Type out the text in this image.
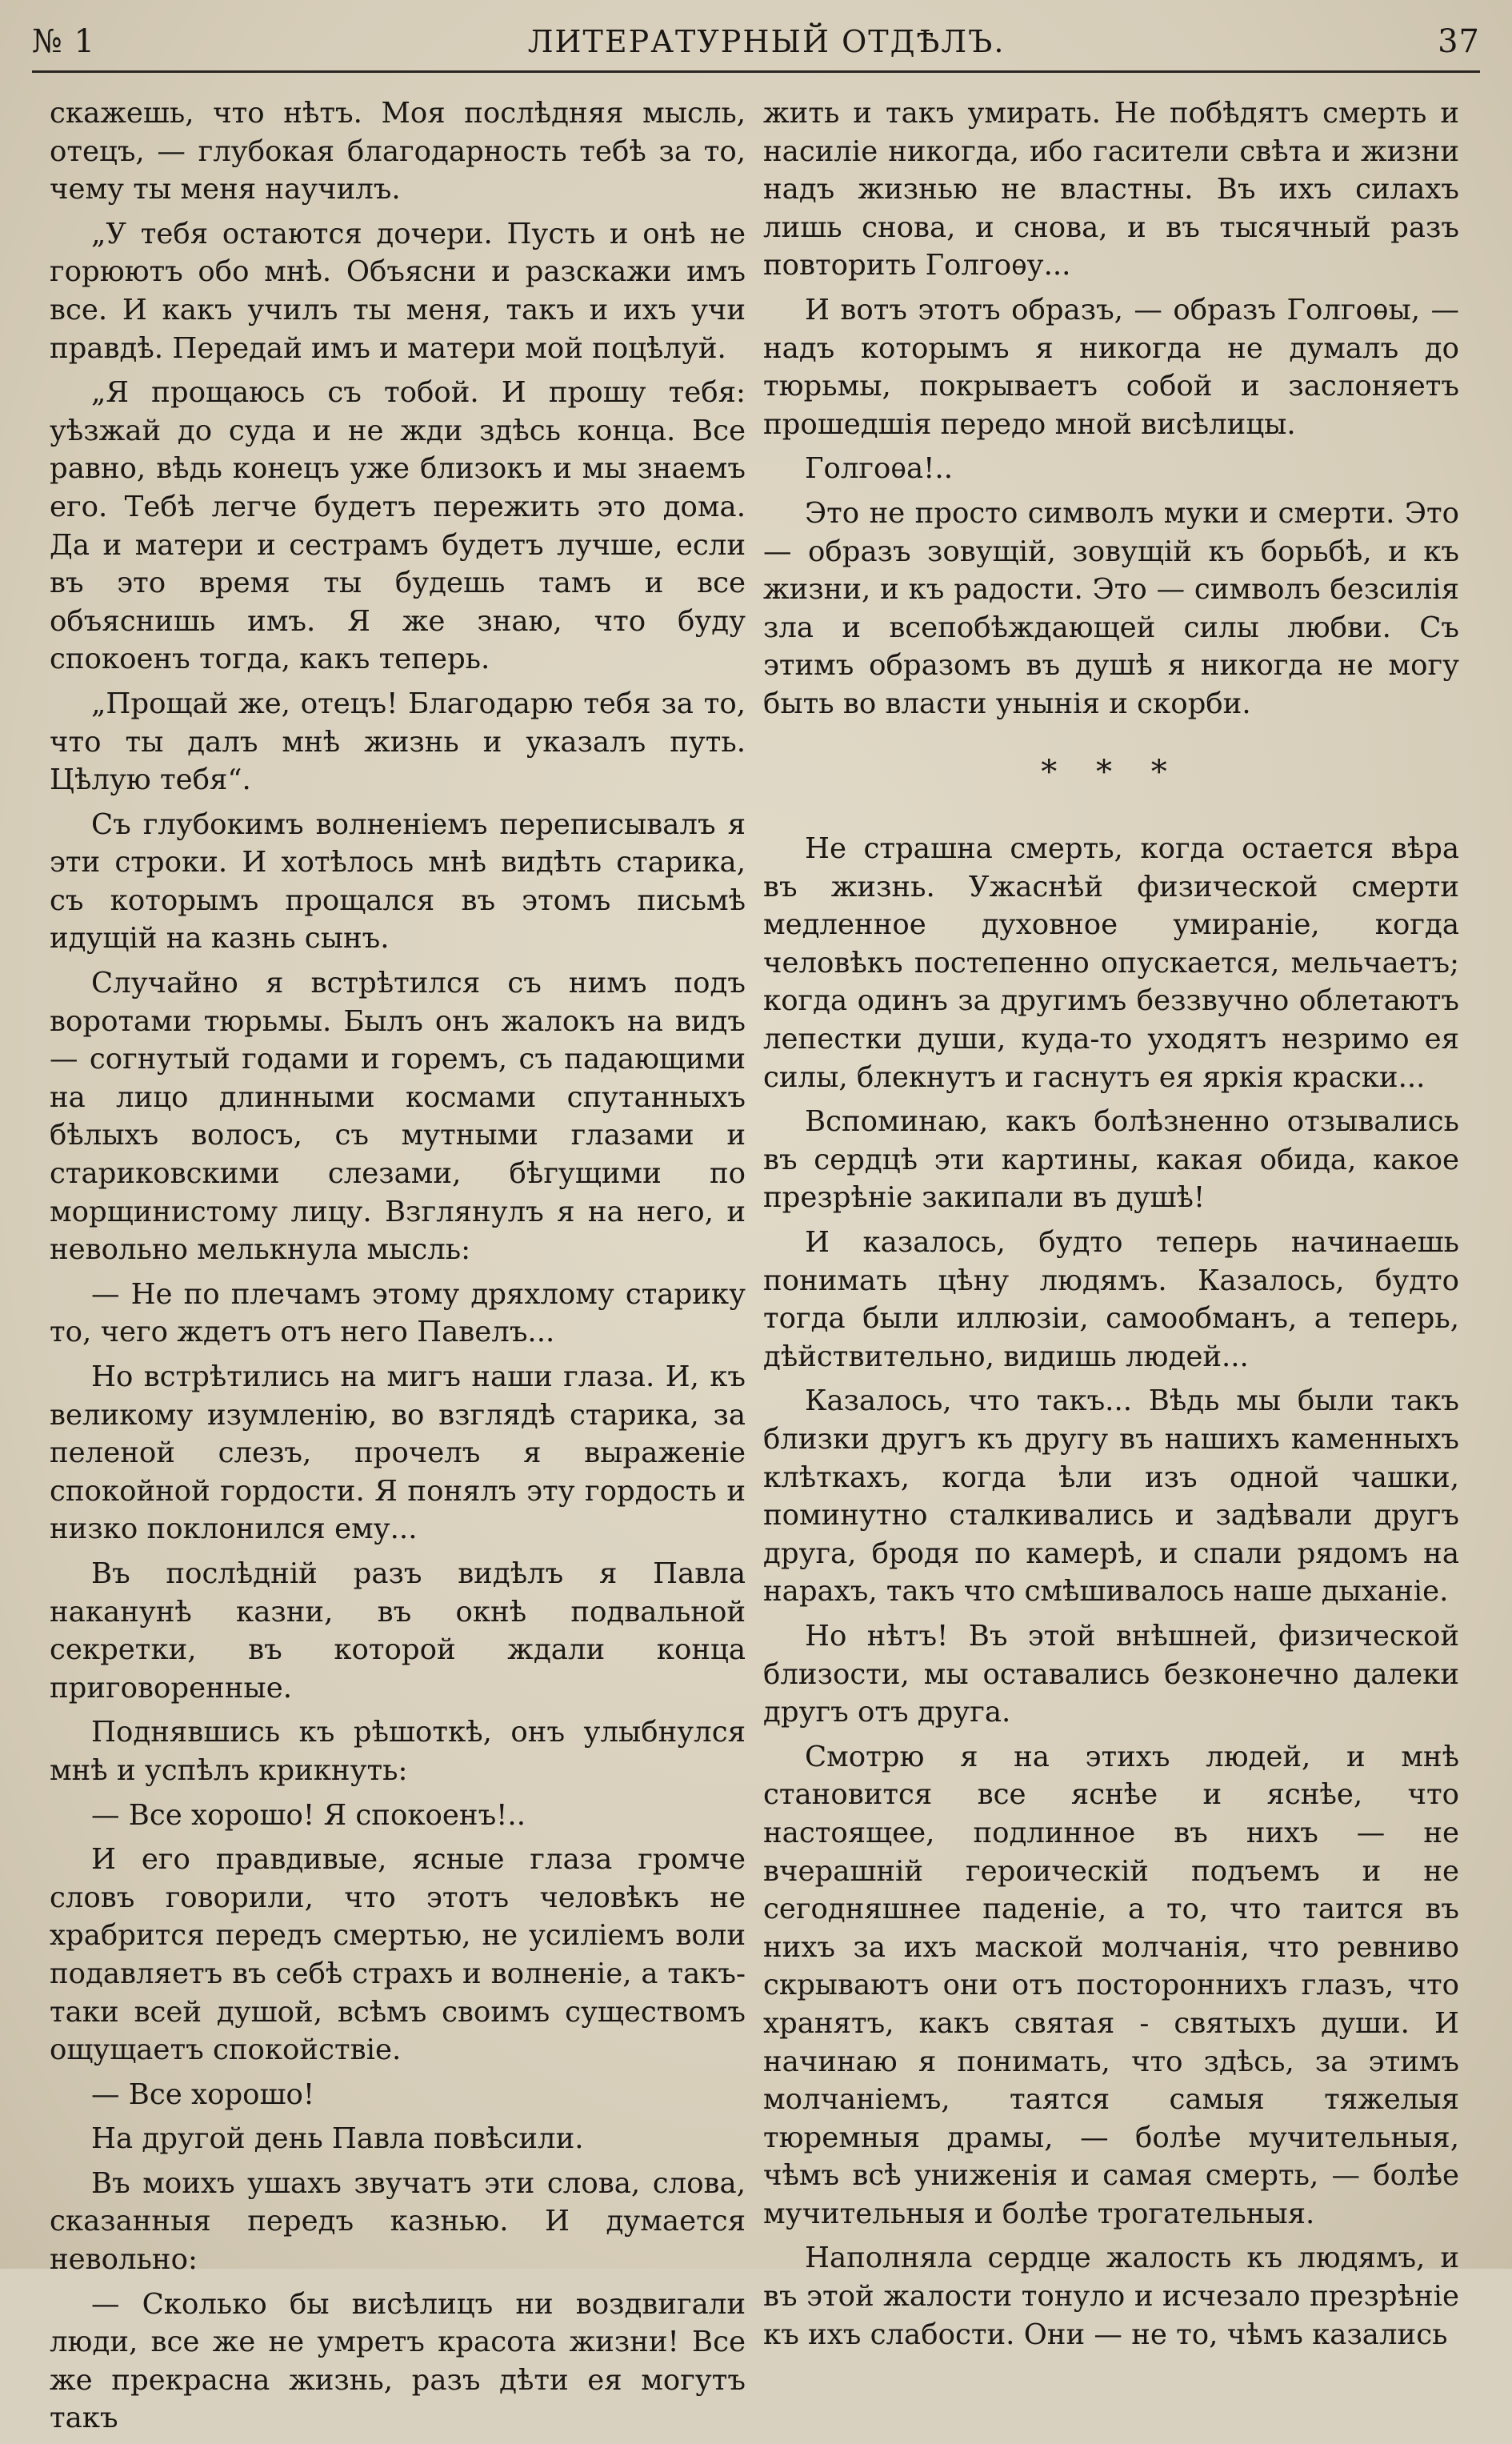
№ 1	ЛИТЕРАТУРНЫЙ ОТДѢЛЪ.	37

скажешь, что нѣтъ. Моя послѣдняя мысль, отецъ, — глубокая благодарность тебѣ за то, чему ты меня научилъ.

„У тебя остаются дочери. Пусть и онѣ не горюютъ обо мнѣ. Объясни и разскажи имъ все. И какъ училъ ты меня, такъ и ихъ учи правдѣ. Передай имъ и матери мой поцѣлуй.

„Я прощаюсь съ тобой. И прошу тебя: уѣзжай до суда и не жди здѣсь конца. Все равно, вѣдь конецъ уже близокъ и мы знаемъ его. Тебѣ легче будетъ пережить это дома. Да и матери и сестрамъ будетъ лучше, если въ это время ты будешь тамъ и все объяснишь имъ. Я же знаю, что буду спокоенъ тогда, какъ теперь.

„Прощай же, отецъ! Благодарю тебя за то, что ты далъ мнѣ жизнь и указалъ путь. Цѣлую тебя“.

Съ глубокимъ волненіемъ переписывалъ я эти строки. И хотѣлось мнѣ видѣть старика, съ которымъ прощался въ этомъ письмѣ идущій на казнь сынъ.

Случайно я встрѣтился съ нимъ подъ воротами тюрьмы. Былъ онъ жалокъ на видъ — согнутый годами и горемъ, съ падающими на лицо длинными космами спутанныхъ бѣлыхъ волосъ, съ мутными глазами и стариковскими слезами, бѣгущими по морщинистому лицу. Взглянулъ я на него, и невольно мелькнула мысль:

— Не по плечамъ этому дряхлому старику то, чего ждетъ отъ него Павелъ...

Но встрѣтились на мигъ наши глаза. И, къ великому изумленію, во взглядѣ старика, за пеленой слезъ, прочелъ я выраженіе спокойной гордости. Я понялъ эту гордость и низко поклонился ему...

Въ послѣдній разъ видѣлъ я Павла наканунѣ казни, въ окнѣ подвальной секретки, въ которой ждали конца приговоренные.

Поднявшись къ рѣшоткѣ, онъ улыбнулся мнѣ и успѣлъ крикнуть:

— Все хорошо! Я спокоенъ!..

И его правдивые, ясные глаза громче словъ говорили, что этотъ человѣкъ не храбрится передъ смертью, не усиліемъ воли подавляетъ въ себѣ страхъ и волненіе, а такъ-таки всей душой, всѣмъ своимъ существомъ ощущаетъ спокойствіе.

— Все хорошо!

На другой день Павла повѣсили.

Въ моихъ ушахъ звучатъ эти слова, слова, сказанныя передъ казнью. И думается невольно:

— Сколько бы висѣлицъ ни воздвигали люди, все же не умретъ красота жизни! Все же прекрасна жизнь, разъ дѣти ея могутъ такъ

жить и такъ умирать. Не побѣдятъ смерть и насиліе никогда, ибо гасители свѣта и жизни надъ жизнью не властны. Въ ихъ силахъ лишь снова, и снова, и въ тысячный разъ повторить Голгоѳу...

И вотъ этотъ образъ, — образъ Голгоѳы, — надъ которымъ я никогда не думалъ до тюрьмы, покрываетъ собой и заслоняетъ прошедшія передо мной висѣлицы.

Голгоѳа!..

Это не просто символъ муки и смерти. Это — образъ зовущій, зовущій къ борьбѣ, и къ жизни, и къ радости. Это — символъ безсилія зла и всепобѣждающей силы любви. Съ этимъ образомъ въ душѣ я никогда не могу быть во власти унынія и скорби.

* * *

Не страшна смерть, когда остается вѣра въ жизнь. Ужаснѣй физической смерти медленное духовное умираніе, когда человѣкъ постепенно опускается, мельчаетъ; когда одинъ за другимъ беззвучно облетаютъ лепестки души, куда-то уходятъ незримо ея силы, блекнутъ и гаснутъ ея яркія краски...

Вспоминаю, какъ болѣзненно отзывались въ сердцѣ эти картины, какая обида, какое презрѣніе закипали въ душѣ!

И казалось, будто теперь начинаешь понимать цѣну людямъ. Казалось, будто тогда были иллюзіи, самообманъ, а теперь, дѣйствительно, видишь людей...

Казалось, что такъ... Вѣдь мы были такъ близки другъ къ другу въ нашихъ каменныхъ клѣткахъ, когда ѣли изъ одной чашки, поминутно сталкивались и задѣвали другъ друга, бродя по камерѣ, и спали рядомъ на нарахъ, такъ что смѣшивалось наше дыханіе.

Но нѣтъ! Въ этой внѣшней, физической близости, мы оставались безконечно далеки другъ отъ друга.

Смотрю я на этихъ людей, и мнѣ становится все яснѣе и яснѣе, что настоящее, подлинное въ нихъ — не вчерашній героическій подъемъ и не сегодняшнее паденіе, а то, что таится въ нихъ за ихъ маской молчанія, что ревниво скрываютъ они отъ постороннихъ глазъ, что хранятъ, какъ святая - святыхъ души. И начинаю я понимать, что здѣсь, за этимъ молчаніемъ, таятся самыя тяжелыя тюремныя драмы, — болѣе мучительныя, чѣмъ всѣ униженія и самая смерть, — болѣе мучительныя и болѣе трогательныя.

Наполняла сердце жалость къ людямъ, и въ этой жалости тонуло и исчезало презрѣніе къ ихъ слабости. Они — не то, чѣмъ казались
